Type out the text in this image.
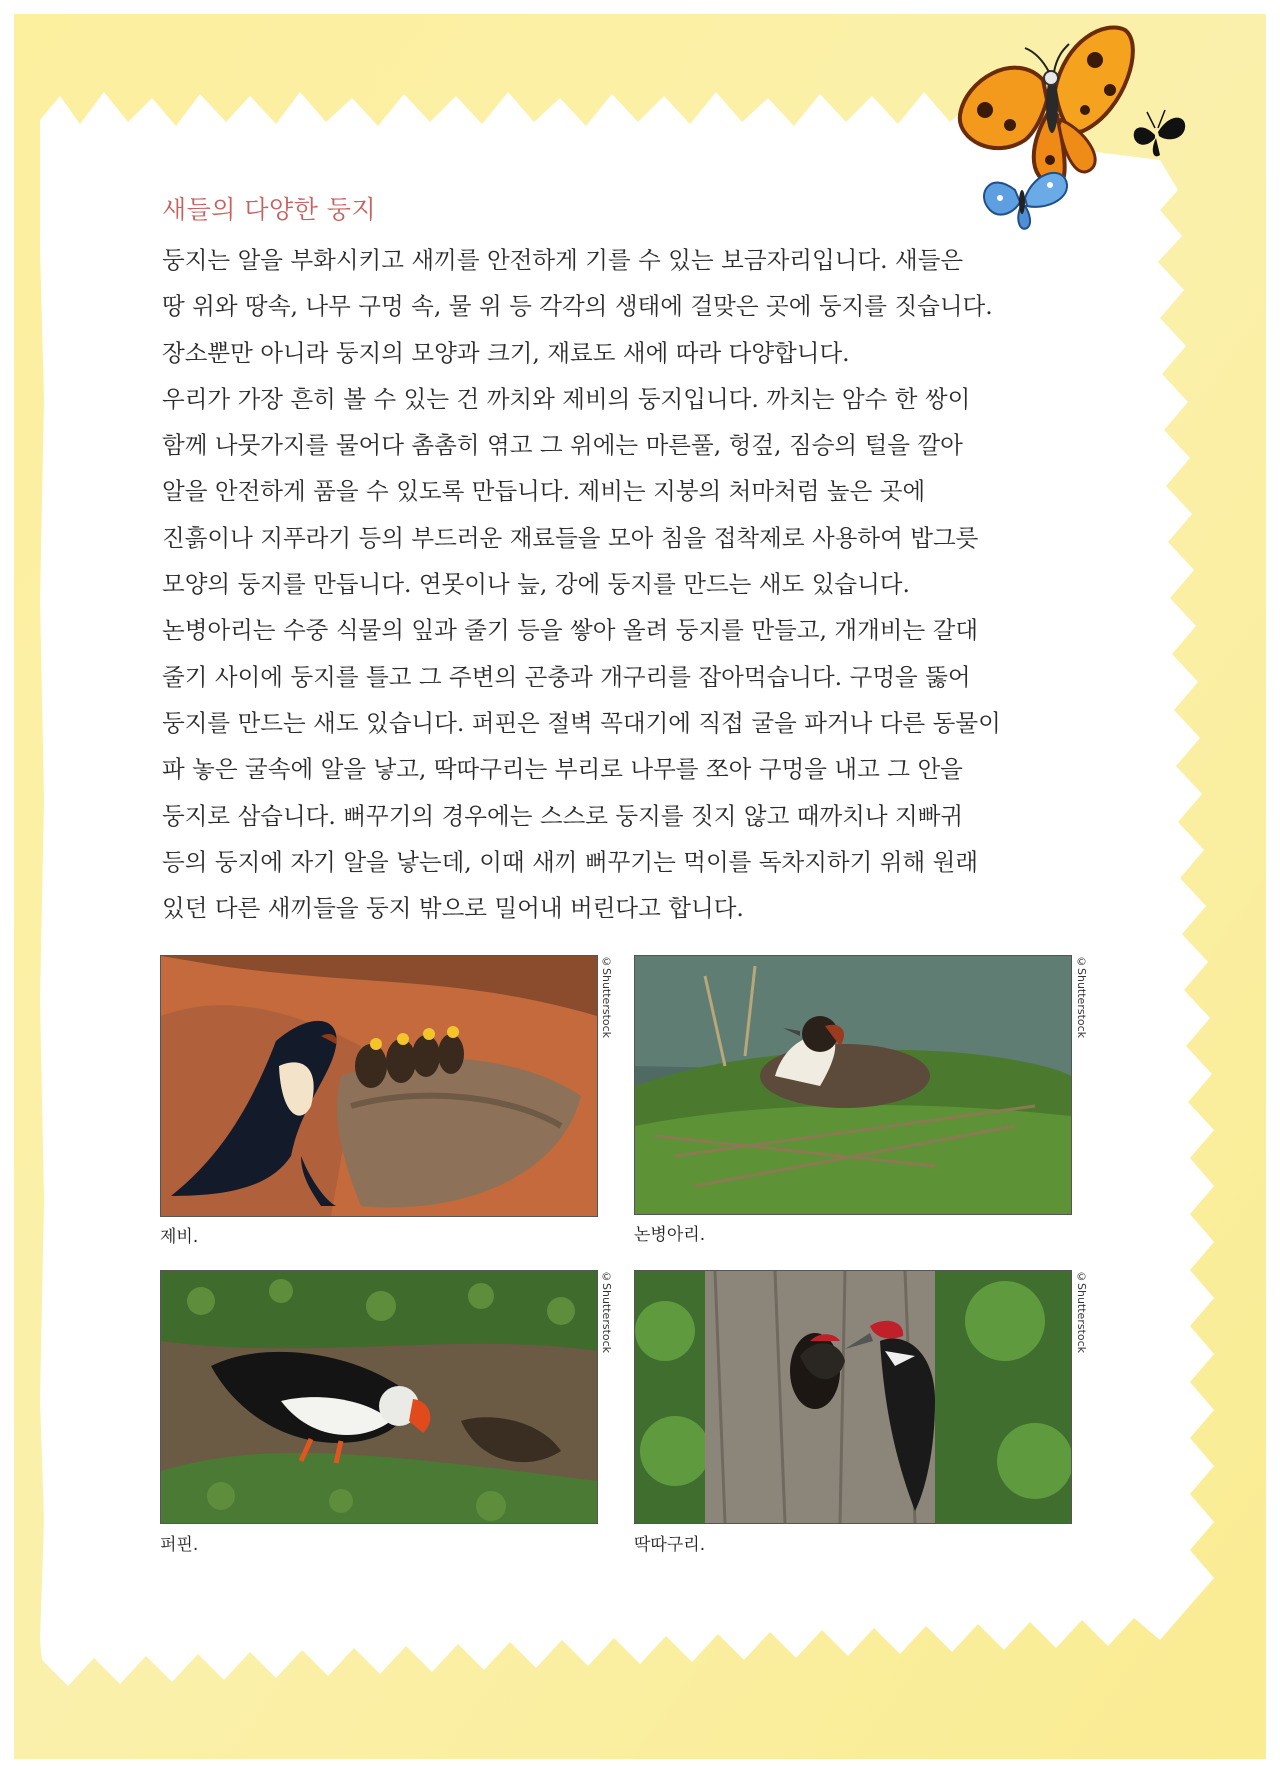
새들의 다양한 둥지

둥지는 알을 부화시키고 새끼를 안전하게 기를 수 있는 보금자리입니다. 새들은
땅 위와 땅속, 나무 구멍 속, 물 위 등 각각의 생태에 걸맞은 곳에 둥지를 짓습니다.
장소뿐만 아니라 둥지의 모양과 크기, 재료도 새에 따라 다양합니다.
우리가 가장 흔히 볼 수 있는 건 까치와 제비의 둥지입니다. 까치는 암수 한 쌍이
함께 나뭇가지를 물어다 촘촘히 엮고 그 위에는 마른풀, 헝겊, 짐승의 털을 깔아
알을 안전하게 품을 수 있도록 만듭니다. 제비는 지붕의 처마처럼 높은 곳에
진흙이나 지푸라기 등의 부드러운 재료들을 모아 침을 접착제로 사용하여 밥그릇
모양의 둥지를 만듭니다. 연못이나 늪, 강에 둥지를 만드는 새도 있습니다.
논병아리는 수중 식물의 잎과 줄기 등을 쌓아 올려 둥지를 만들고, 개개비는 갈대
줄기 사이에 둥지를 틀고 그 주변의 곤충과 개구리를 잡아먹습니다. 구멍을 뚫어
둥지를 만드는 새도 있습니다. 퍼핀은 절벽 꼭대기에 직접 굴을 파거나 다른 동물이
파 놓은 굴속에 알을 낳고, 딱따구리는 부리로 나무를 쪼아 구멍을 내고 그 안을
둥지로 삼습니다. 뻐꾸기의 경우에는 스스로 둥지를 짓지 않고 때까치나 지빠귀
등의 둥지에 자기 알을 낳는데, 이때 새끼 뻐꾸기는 먹이를 독차지하기 위해 원래
있던 다른 새끼들을 둥지 밖으로 밀어내 버린다고 합니다.

©Shutterstock
제비.
©Shutterstock
논병아리.
©Shutterstock
퍼핀.
©Shutterstock
딱따구리.
